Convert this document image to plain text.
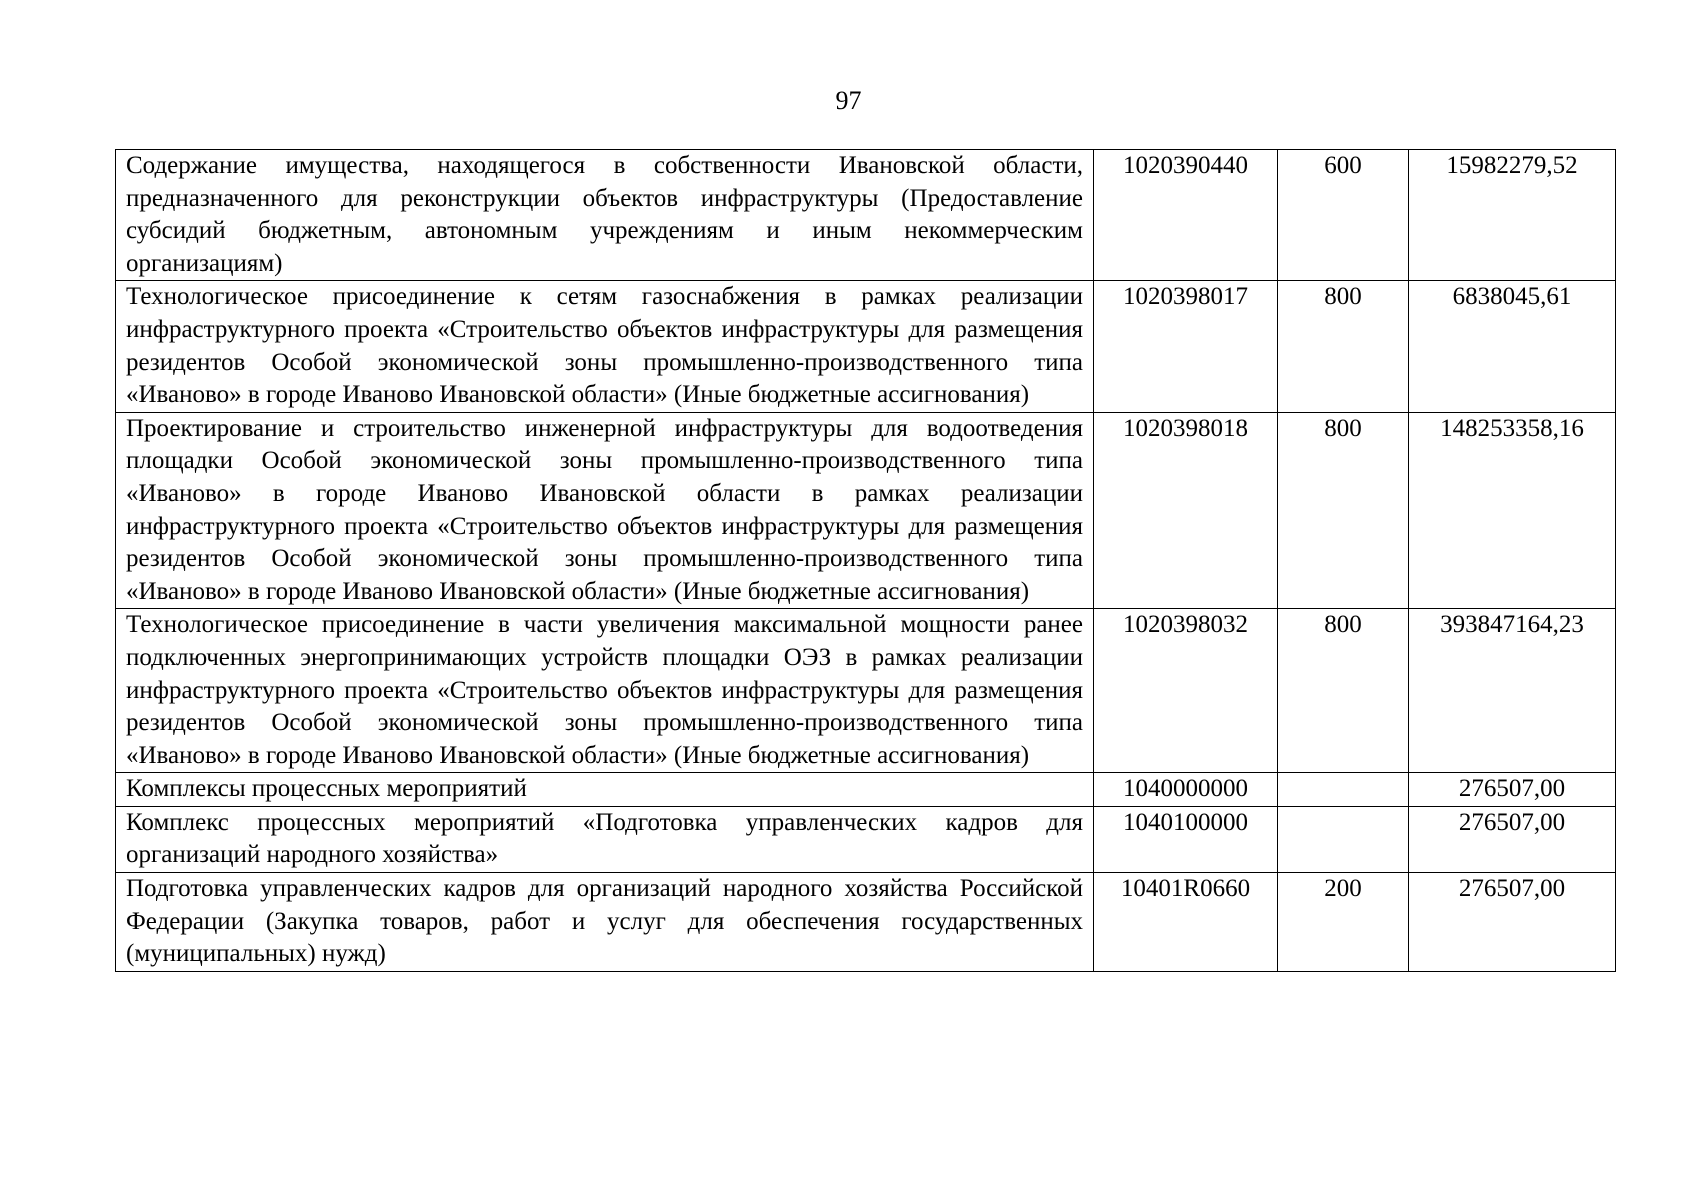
97
Содержание имущества, находящегося в собственности Ивановской области, предназначенного для реконструкции объектов инфраструктуры (Предоставление субсидий бюджетным, автономным учреждениям и иным некоммерческим организациям)	1020390440	600	15982279,52
Технологическое присоединение к сетям газоснабжения в рамках реализации инфраструктурного проекта «Строительство объектов инфраструктуры для размещения резидентов Особой экономической зоны промышленно-производственного типа «Иваново» в городе Иваново Ивановской области» (Иные бюджетные ассигнования)	1020398017	800	6838045,61
Проектирование и строительство инженерной инфраструктуры для водоотведения площадки Особой экономической зоны промышленно-производственного типа «Иваново» в городе Иваново Ивановской области в рамках реализации инфраструктурного проекта «Строительство объектов инфраструктуры для размещения резидентов Особой экономической зоны промышленно-производственного типа «Иваново» в городе Иваново Ивановской области» (Иные бюджетные ассигнования)	1020398018	800	148253358,16
Технологическое присоединение в части увеличения максимальной мощности ранее подключенных энергопринимающих устройств площадки ОЭЗ в рамках реализации инфраструктурного проекта «Строительство объектов инфраструктуры для размещения резидентов Особой экономической зоны промышленно-производственного типа «Иваново» в городе Иваново Ивановской области» (Иные бюджетные ассигнования)	1020398032	800	393847164,23
Комплексы процессных мероприятий	1040000000		276507,00
Комплекс процессных мероприятий «Подготовка управленческих кадров для организаций народного хозяйства»	1040100000		276507,00
Подготовка управленческих кадров для организаций народного хозяйства Российской Федерации (Закупка товаров, работ и услуг для обеспечения государственных (муниципальных) нужд)	10401R0660	200	276507,00
